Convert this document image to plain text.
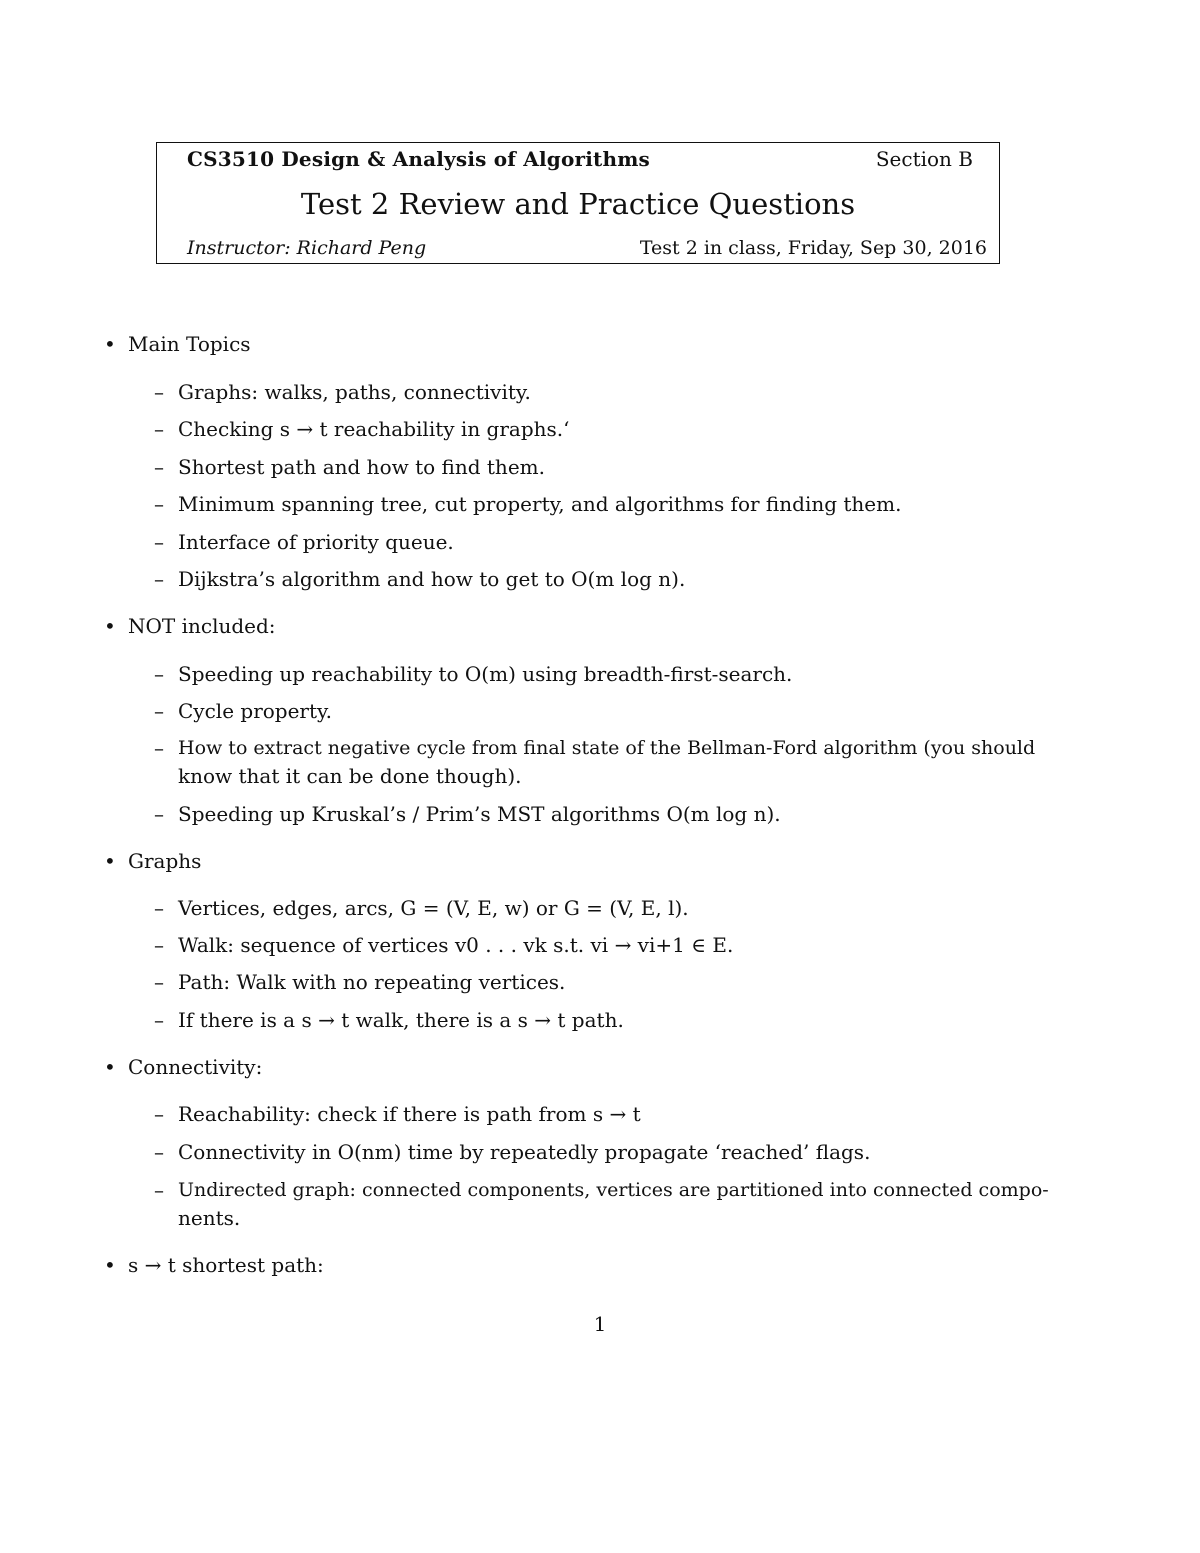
CS3510 Design & Analysis of Algorithms	Section B
Test 2 Review and Practice Questions
Instructor: Richard Peng	Test 2 in class, Friday, Sep 30, 2016
• Main Topics
– Graphs: walks, paths, connectivity.
– Checking s → t reachability in graphs.‘
– Shortest path and how to find them.
– Minimum spanning tree, cut property, and algorithms for finding them.
– Interface of priority queue.
– Dijkstra’s algorithm and how to get to O(m log n).
• NOT included:
– Speeding up reachability to O(m) using breadth-first-search.
– Cycle property.
– How to extract negative cycle from final state of the Bellman-Ford algorithm (you should
know that it can be done though).
– Speeding up Kruskal’s / Prim’s MST algorithms O(m log n).
• Graphs
– Vertices, edges, arcs, G = (V, E, w) or G = (V, E, l).
– Walk: sequence of vertices v0 . . . vk s.t. vi → vi+1 ∈ E.
– Path: Walk with no repeating vertices.
– If there is a s → t walk, there is a s → t path.
• Connectivity:
– Reachability: check if there is path from s → t
– Connectivity in O(nm) time by repeatedly propagate ‘reached’ flags.
– Undirected graph: connected components, vertices are partitioned into connected compo-
nents.
• s → t shortest path:
1
